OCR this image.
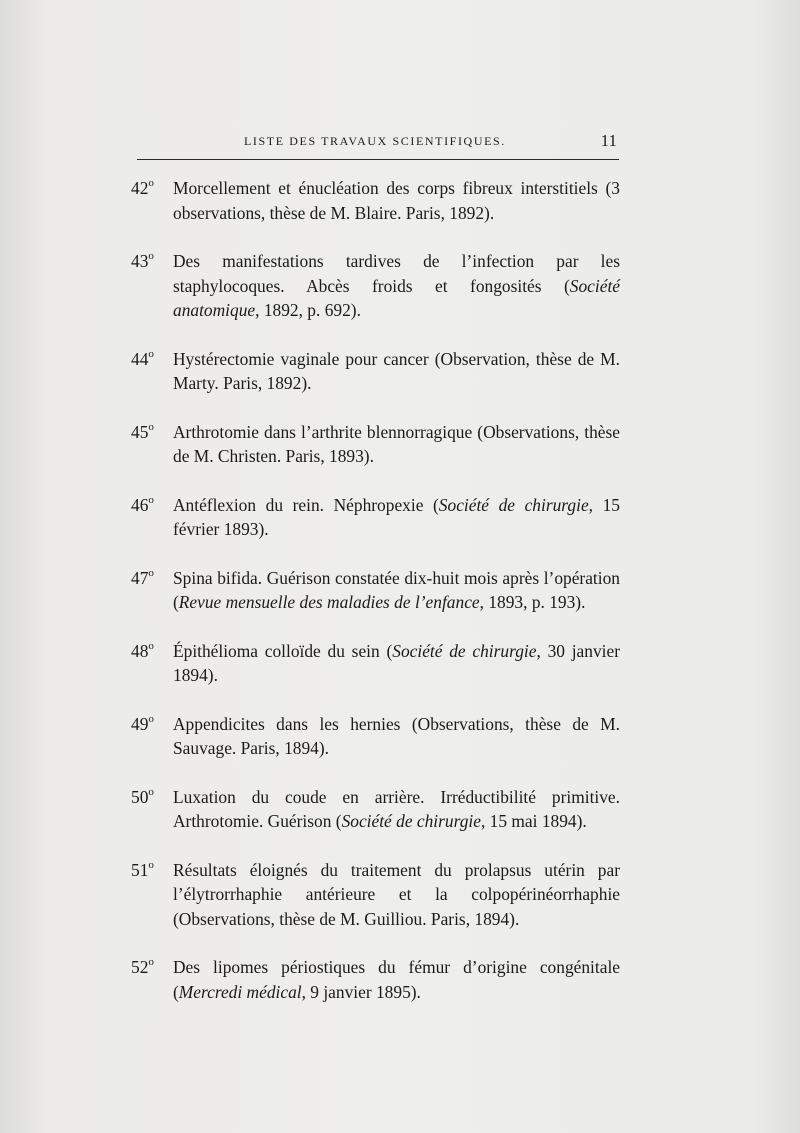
LISTE DES TRAVAUX SCIENTIFIQUES.	11
42$^o$ Morcellement et énucléation des corps fibreux interstitiels (3 observations, thèse de M. Blaire. Paris, 1892).
43$^o$ Des manifestations tardives de l’infection par les staphylocoques. Abcès froids et fongosités (Société anatomique, 1892, p. 692).
44$^o$ Hystérectomie vaginale pour cancer (Observation, thèse de M. Marty. Paris, 1892).
45$^o$ Arthrotomie dans l’arthrite blennorragique (Observations, thèse de M. Christen. Paris, 1893).
46$^o$ Antéflexion du rein. Néphropexie (Société de chirurgie, 15 février 1893).
47$^o$ Spina bifida. Guérison constatée dix-huit mois après l’opération (Revue mensuelle des maladies de l’enfance, 1893, p. 193).
48$^o$ Épithélioma colloïde du sein (Société de chirurgie, 30 janvier 1894).
49$^o$ Appendicites dans les hernies (Observations, thèse de M. Sauvage. Paris, 1894).
50$^o$ Luxation du coude en arrière. Irréductibilité primitive. Arthrotomie. Guérison (Société de chirurgie, 15 mai 1894).
51$^o$ Résultats éloignés du traitement du prolapsus utérin par l’élytrorrhaphie antérieure et la colpopérinéorrhaphie (Observations, thèse de M. Guilliou. Paris, 1894).
52$^o$ Des lipomes périostiques du fémur d’origine congénitale (Mercredi médical, 9 janvier 1895).
